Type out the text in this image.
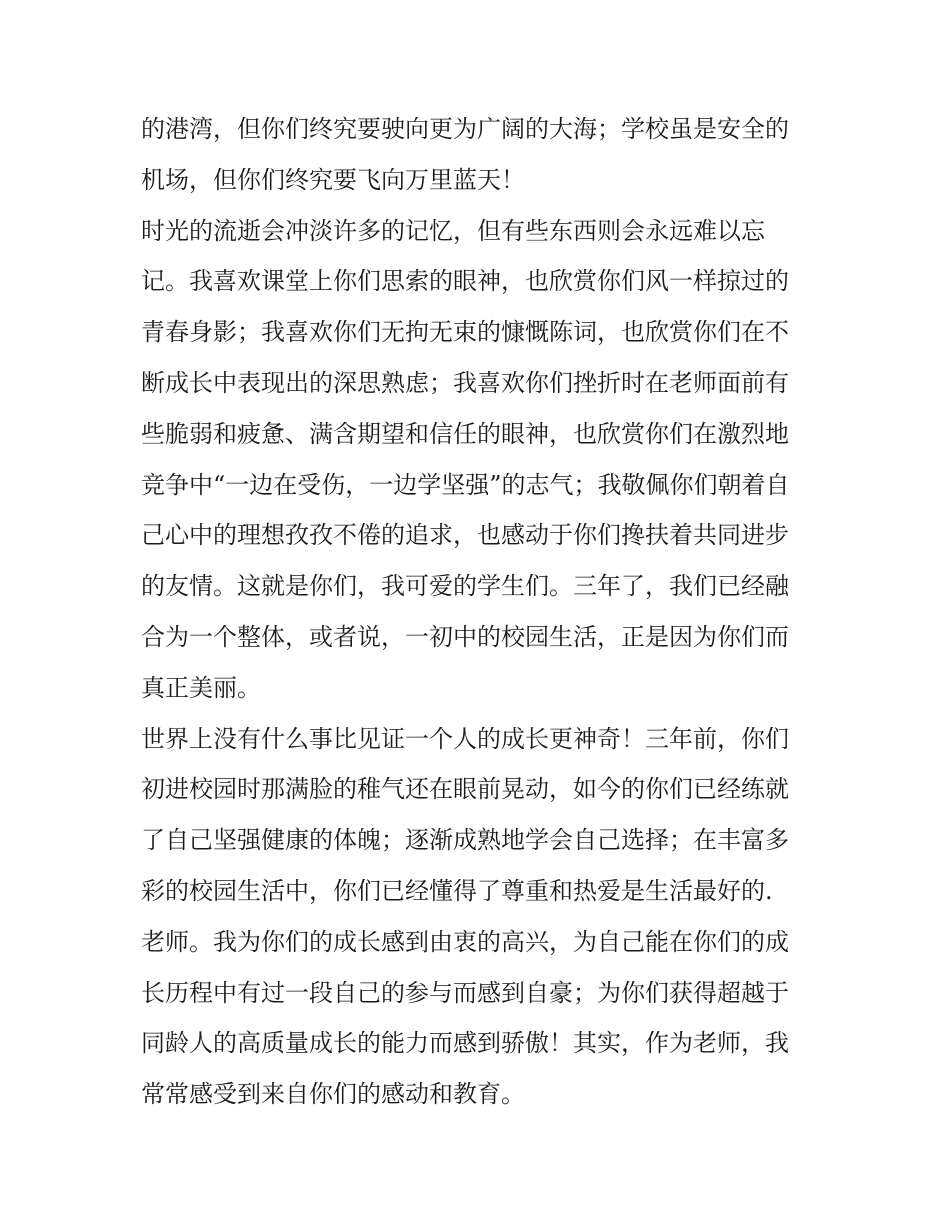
的港湾，但你们终究要驶向更为广阔的大海；学校虽是安全的
机场，但你们终究要飞向万里蓝天！
时光的流逝会冲淡许多的记忆，但有些东西则会永远难以忘
记。我喜欢课堂上你们思索的眼神，也欣赏你们风一样掠过的
青春身影；我喜欢你们无拘无束的慷慨陈词，也欣赏你们在不
断成长中表现出的深思熟虑；我喜欢你们挫折时在老师面前有
些脆弱和疲惫、满含期望和信任的眼神，也欣赏你们在激烈地
竞争中“一边在受伤，一边学坚强”的志气；我敬佩你们朝着自
己心中的理想孜孜不倦的追求，也感动于你们搀扶着共同进步
的友情。这就是你们，我可爱的学生们。三年了，我们已经融
合为一个整体，或者说，一初中的校园生活，正是因为你们而
真正美丽。
世界上没有什么事比见证一个人的成长更神奇！三年前，你们
初进校园时那满脸的稚气还在眼前晃动，如今的你们已经练就
了自己坚强健康的体魄；逐渐成熟地学会自己选择；在丰富多
彩的校园生活中，你们已经懂得了尊重和热爱是生活最好的.
老师。我为你们的成长感到由衷的高兴，为自己能在你们的成
长历程中有过一段自己的参与而感到自豪；为你们获得超越于
同龄人的高质量成长的能力而感到骄傲！其实，作为老师，我
常常感受到来自你们的感动和教育。
